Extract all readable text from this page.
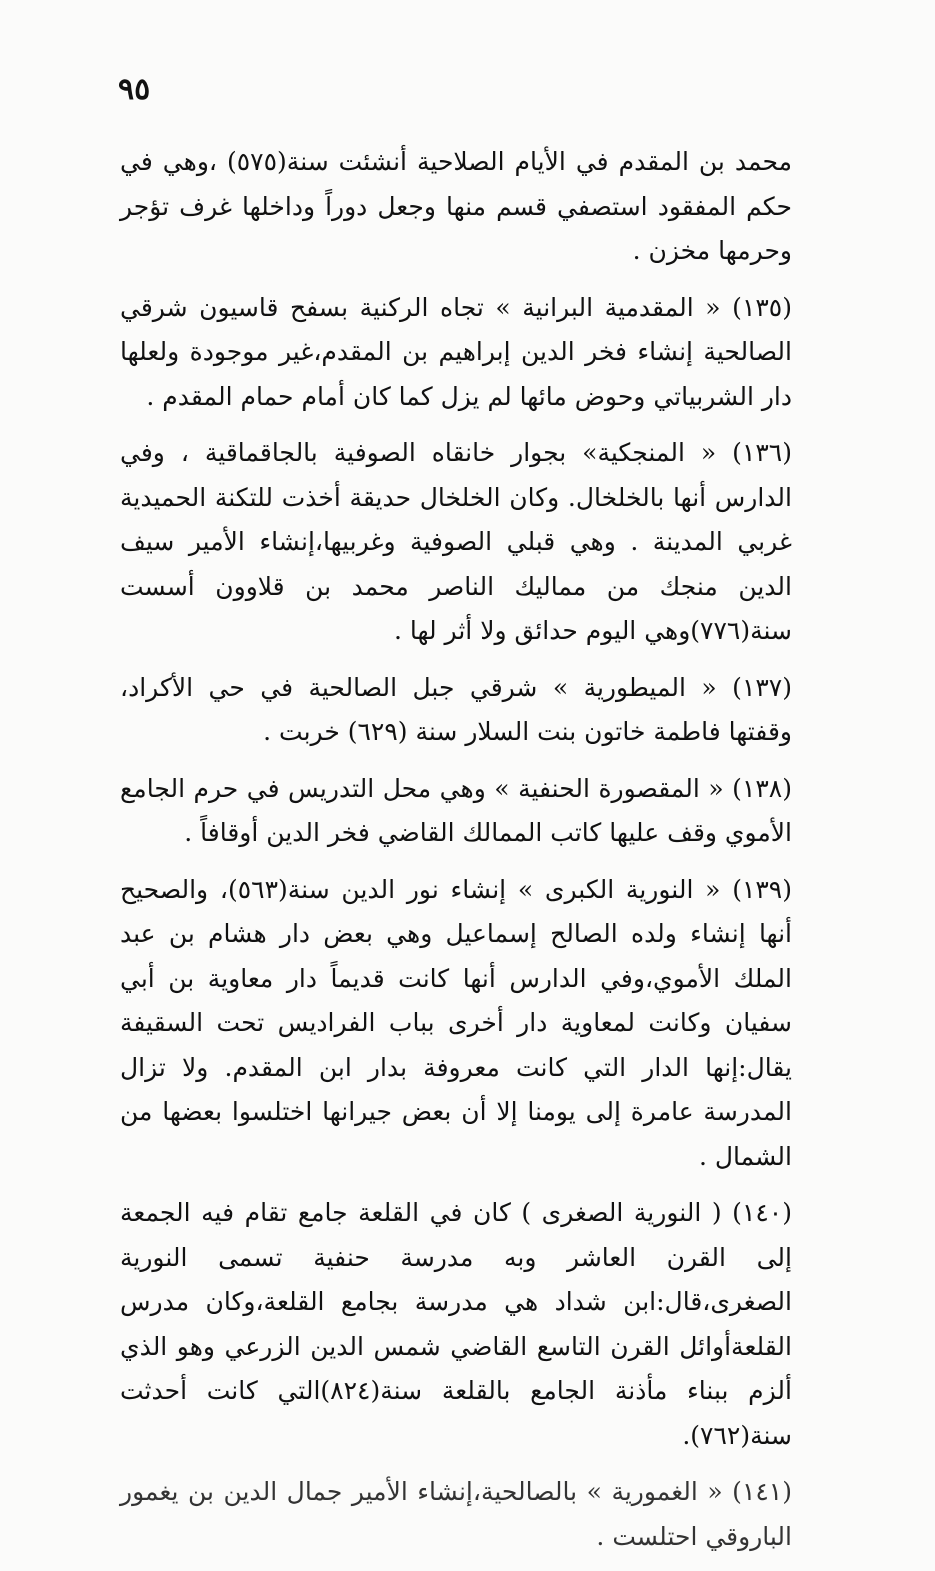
٩٥

محمد بن المقدم في الأيام الصلاحية أنشئت سنة(٥٧٥) ،وهي في حكم المفقود استصفي قسم منها وجعل دوراً وداخلها غرف تؤجر وحرمها مخزن .

(١٣٥) « المقدمية البرانية » تجاه الركنية بسفح قاسيون شرقي الصالحية إنشاء فخر الدين إبراهيم بن المقدم،غير موجودة ولعلها دار الشربياتي وحوض مائها لم يزل كما كان أمام حمام المقدم .

(١٣٦) « المنجكية» بجوار خانقاه الصوفية بالجاقماقية ، وفي الدارس أنها بالخلخال. وكان الخلخال حديقة أخذت للتكنة الحميدية غربي المدينة . وهي قبلي الصوفية وغربيها،إنشاء الأمير سيف الدين منجك من مماليك الناصر محمد بن قلاوون أسست سنة(٧٧٦)وهي اليوم حدائق ولا أثر لها .

(١٣٧) « الميطورية » شرقي جبل الصالحية في حي الأكراد، وقفتها فاطمة خاتون بنت السلار سنة (٦٢٩) خربت .

(١٣٨) « المقصورة الحنفية » وهي محل التدريس في حرم الجامع الأموي وقف عليها كاتب الممالك القاضي فخر الدين أوقافاً .

(١٣٩) « النورية الكبرى » إنشاء نور الدين سنة(٥٦٣)، والصحيح أنها إنشاء ولده الصالح إسماعيل وهي بعض دار هشام بن عبد الملك الأموي،وفي الدارس أنها كانت قديماً دار معاوية بن أبي سفيان وكانت لمعاوية دار أخرى بباب الفراديس تحت السقيفة يقال:إنها الدار التي كانت معروفة بدار ابن المقدم. ولا تزال المدرسة عامرة إلى يومنا إلا أن بعض جيرانها اختلسوا بعضها من الشمال .

(١٤٠) ( النورية الصغرى ) كان في القلعة جامع تقام فيه الجمعة إلى القرن العاشر وبه مدرسة حنفية تسمى النورية الصغرى،قال:ابن شداد هي مدرسة بجامع القلعة،وكان مدرس القلعةأوائل القرن التاسع القاضي شمس الدين الزرعي وهو الذي ألزم ببناء مأذنة الجامع بالقلعة سنة(٨٢٤)التي كانت أحدثت سنة(٧٦٢).

(١٤١) « الغمورية » بالصالحية،إنشاء الأمير جمال الدين بن يغمور الباروقي احتلست .
